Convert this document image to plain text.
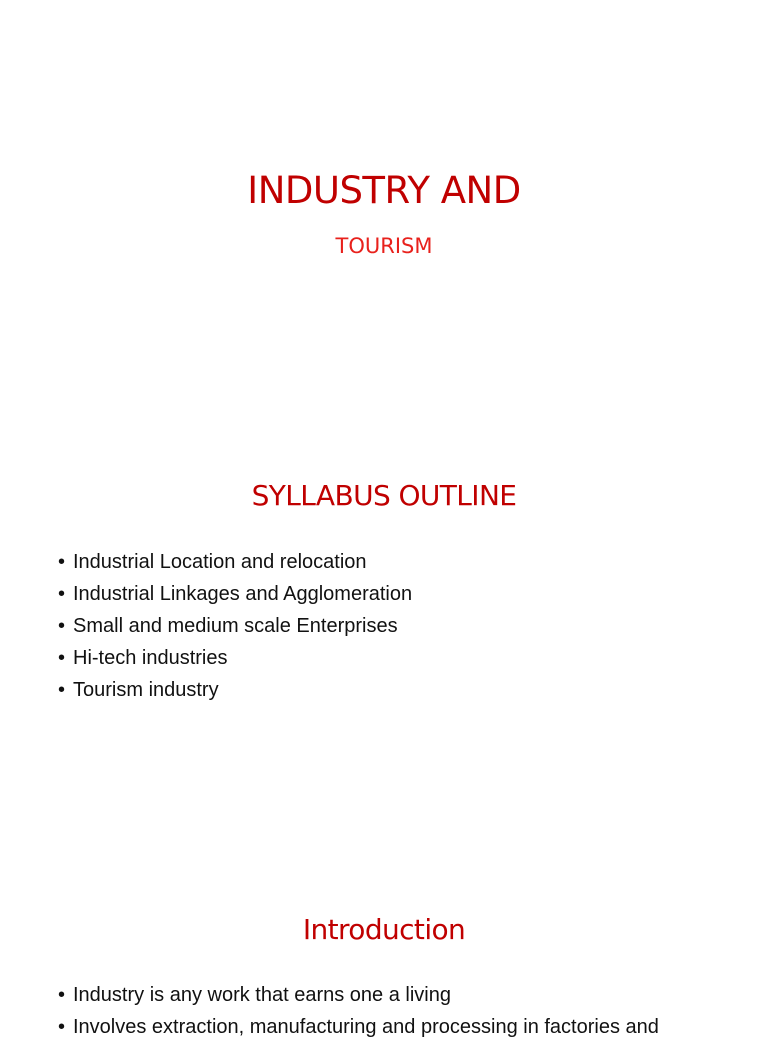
INDUSTRY AND
TOURISM
SYLLABUS OUTLINE
• Industrial Location and relocation
• Industrial Linkages and Agglomeration
• Small and medium scale Enterprises
• Hi-tech industries
• Tourism industry
Introduction
• Industry is any work that earns one a living
• Involves extraction, manufacturing and processing in factories and
